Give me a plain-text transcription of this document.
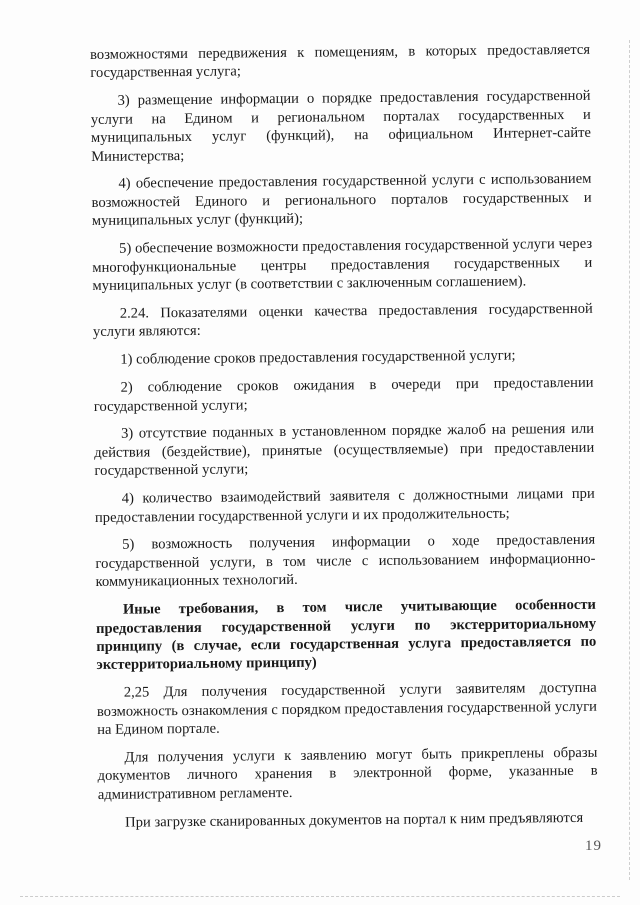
возможностями передвижения к помещениям, в которых предоставляется государственная услуга;

3) размещение информации о порядке предоставления государственной услуги на Едином и региональном порталах государственных и муниципальных услуг (функций), на официальном Интернет-сайте Министерства;

4) обеспечение предоставления государственной услуги с использованием возможностей Единого и регионального порталов государственных и муниципальных услуг (функций);

5) обеспечение возможности предоставления государственной услуги через многофункциональные центры предоставления государственных и муниципальных услуг (в соответствии с заключенным соглашением).

2.24. Показателями оценки качества предоставления государственной услуги являются:

1) соблюдение сроков предоставления государственной услуги;

2) соблюдение сроков ожидания в очереди при предоставлении государственной услуги;

3) отсутствие поданных в установленном порядке жалоб на решения или действия (бездействие), принятые (осуществляемые) при предоставлении государственной услуги;

4) количество взаимодействий заявителя с должностными лицами при предоставлении государственной услуги и их продолжительность;

5) возможность получения информации о ходе предоставления государственной услуги, в том числе с использованием информационно-коммуникационных технологий.

Иные требования, в том числе учитывающие особенности предоставления государственной услуги по экстерриториальному принципу (в случае, если государственная услуга предоставляется по экстерриториальному принципу)

2,25 Для получения государственной услуги заявителям доступна возможность ознакомления с порядком предоставления государственной услуги на Едином портале.

Для получения услуги к заявлению могут быть прикреплены образы документов личного хранения в электронной форме, указанные в административном регламенте.

При загрузке сканированных документов на портал к ним предъявляются

19
